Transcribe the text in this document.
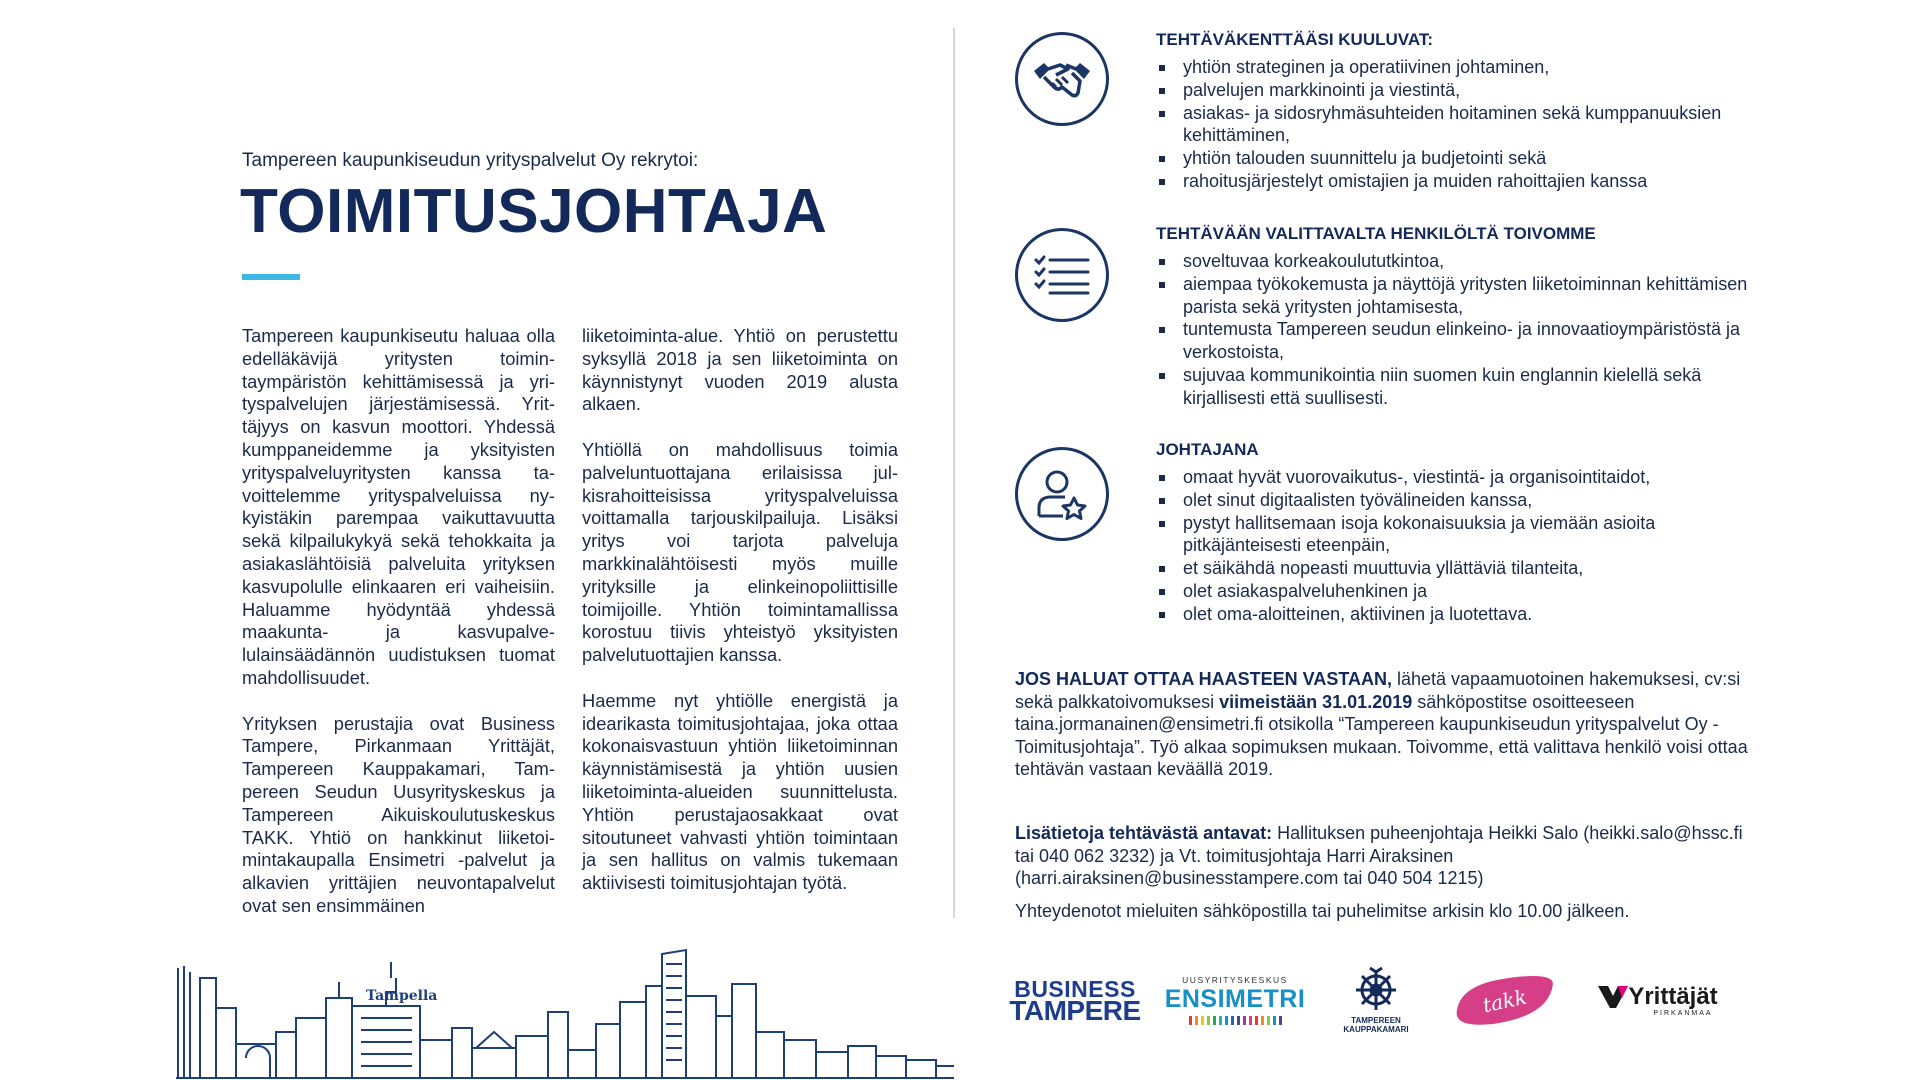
Tampereen kaupunkiseudun yrityspalvelut Oy rekrytoi:
TOIMITUSJOHTAJA

Tampereen kaupunkiseutu haluaa olla edelläkävijä yritysten toimintaympäristön kehittämisessä ja yrityspalvelujen järjestämisessä. Yrittäjyys on kasvun moottori. Yhdessä kumppaneidemme ja yksityisten yrityspalveluyritysten kanssa tavoittelemme yrityspalveluissa nykyistäkin parempaa vaikuttavuutta sekä kilpailukykyä sekä tehokkaita ja asiakaslähtöisiä palveluita yrityksen kasvupolulle elinkaaren eri vaiheisiin. Haluamme hyödyntää yhdessä maakunta- ja kasvupalvelulainsäädännön uudistuksen tuomat mahdollisuudet.

Yrityksen perustajia ovat Business Tampere, Pirkanmaan Yrittäjät, Tampereen Kauppakamari, Tampereen Seudun Uusyrityskeskus ja Tampereen Aikuiskoulutuskeskus TAKK. Yhtiö on hankkinut liiketoimintakaupalla Ensimetri -palvelut ja alkavien yrittäjien neuvontapalvelut ovat sen ensimmäinen

liiketoiminta-alue. Yhtiö on perustettu syksyllä 2018 ja sen liiketoiminta on käynnistynyt vuoden 2019 alusta alkaen.

Yhtiöllä on mahdollisuus toimia palveluntuottajana erilaisissa julkisrahoitteisissa yrityspalveluissa voittamalla tarjouskilpailuja. Lisäksi yritys voi tarjota palveluja markkinalähtöisesti myös muille yrityksille ja elinkeinopoliittisille toimijoille. Yhtiön toimintamallissa korostuu tiivis yhteistyö yksityisten palvelutuottajien kanssa.

Haemme nyt yhtiölle energistä ja idearikasta toimitusjohtajaa, joka ottaa kokonaisvastuun yhtiön liiketoiminnan käynnistämisestä ja yhtiön uusien liiketoiminta-alueiden suunnittelusta. Yhtiön perustajaosakkaat ovat sitoutuneet vahvasti yhtiön toimintaan ja sen hallitus on valmis tukemaan aktiivisesti toimitusjohtajan työtä.

Tampella
TEHTÄVÄKENTTÄÄSI KUULUVAT:
yhtiön strateginen ja operatiivinen johtaminen,
palvelujen markkinointi ja viestintä,
asiakas- ja sidosryhmäsuhteiden hoitaminen sekä kumppanuuksien kehittäminen,
yhtiön talouden suunnittelu ja budjetointi sekä
rahoitusjärjestelyt omistajien ja muiden rahoittajien kanssa
TEHTÄVÄÄN VALITTAVALTA HENKILÖLTÄ TOIVOMME
soveltuvaa korkeakoulututkintoa,
aiempaa työkokemusta ja näyttöjä yritysten liiketoiminnan kehittämisen parista sekä yritysten johtamisesta,
tuntemusta Tampereen seudun elinkeino- ja innovaatioympäristöstä ja verkostoista,
sujuvaa kommunikointia niin suomen kuin englannin kielellä sekä kirjallisesti että suullisesti.
JOHTAJANA
omaat hyvät vuorovaikutus-, viestintä- ja organisointitaidot,
olet sinut digitaalisten työvälineiden kanssa,
pystyt hallitsemaan isoja kokonaisuuksia ja viemään asioita pitkäjänteisesti eteenpäin,
et säikähdä nopeasti muuttuvia yllättäviä tilanteita,
olet asiakaspalveluhenkinen ja
olet oma-aloitteinen, aktiivinen ja luotettava.
JOS HALUAT OTTAA HAASTEEN VASTAAN, lähetä vapaamuotoinen hakemuksesi, cv:si sekä palkkatoivomuksesi viimeistään 31.01.2019 sähköpostitse osoitteeseen taina.jormanainen@ensimetri.fi otsikolla “Tampereen kaupunkiseudun yrityspalvelut Oy - Toimitusjohtaja”. Työ alkaa sopimuksen mukaan. Toivomme, että valittava henkilö voisi ottaa tehtävän vastaan keväällä 2019.
Lisätietoja tehtävästä antavat: Hallituksen puheenjohtaja Heikki Salo (heikki.salo@hssc.fi tai 040 062 3232) ja Vt. toimitusjohtaja Harri Airaksinen (harri.airaksinen@businesstampere.com tai 040 504 1215)
Yhteydenotot mieluiten sähköpostilla tai puhelimitse arkisin klo 10.00 jälkeen.
BUSINESS
TAMPERE
UUSYRITYSKESKUS
ENSIMETRI
TAMPEREEN
KAUPPAKAMARI
takk	Yrittäjät
PIRKANMAA
